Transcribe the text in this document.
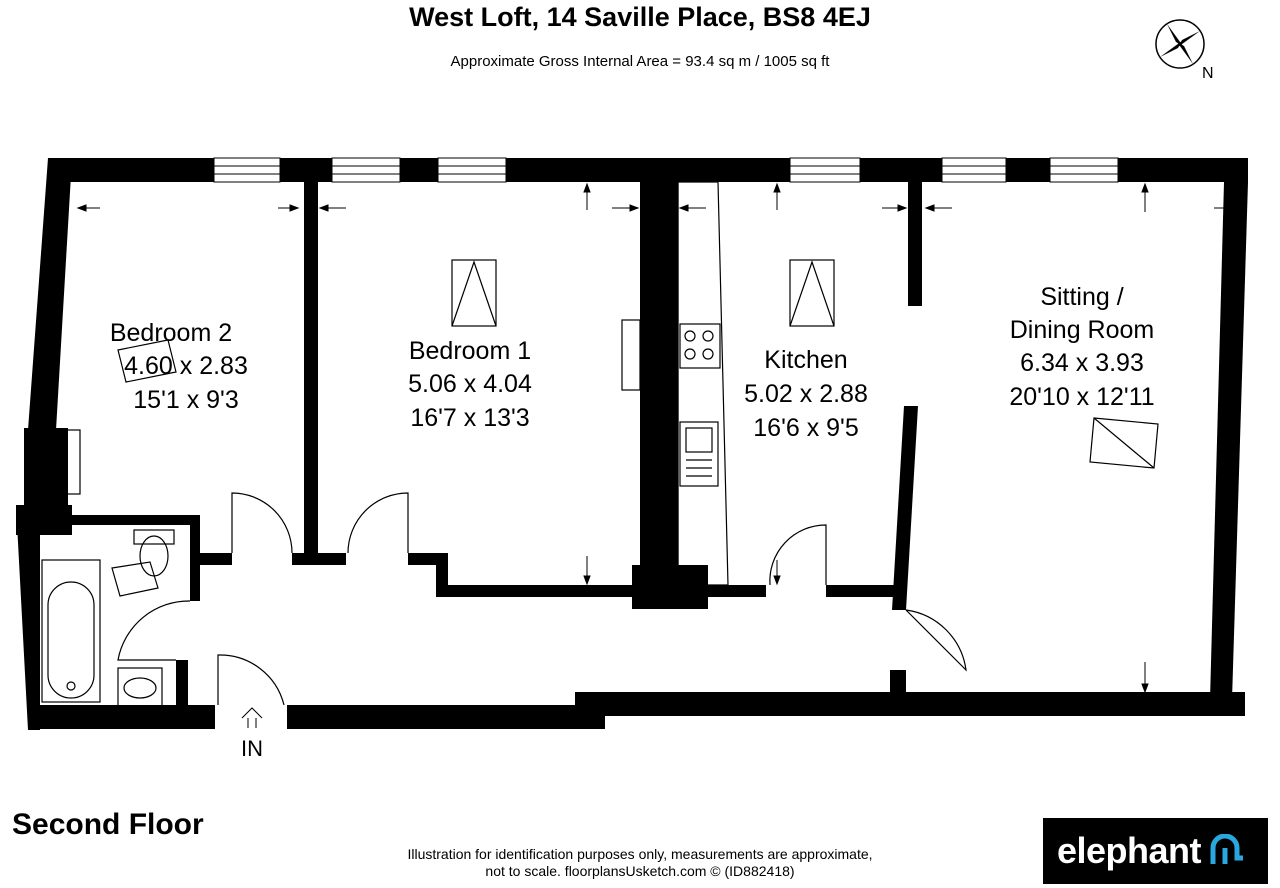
West Loft, 14 Saville Place, BS8 4EJ
Approximate Gross Internal Area = 93.4 sq m / 1005 sq ft
N
Bedroom 2
4.60 x 2.83
15'1 x 9'3
Bedroom 1
5.06 x 4.04
16'7 x 13'3
Kitchen
5.02 x 2.88
16'6 x 9'5
Sitting /
Dining Room
6.34 x 3.93
20'10 x 12'11
IN
Second Floor
Illustration for identification purposes only, measurements are approximate,
not to scale. floorplansUsketch.com © (ID882418)	elephant
